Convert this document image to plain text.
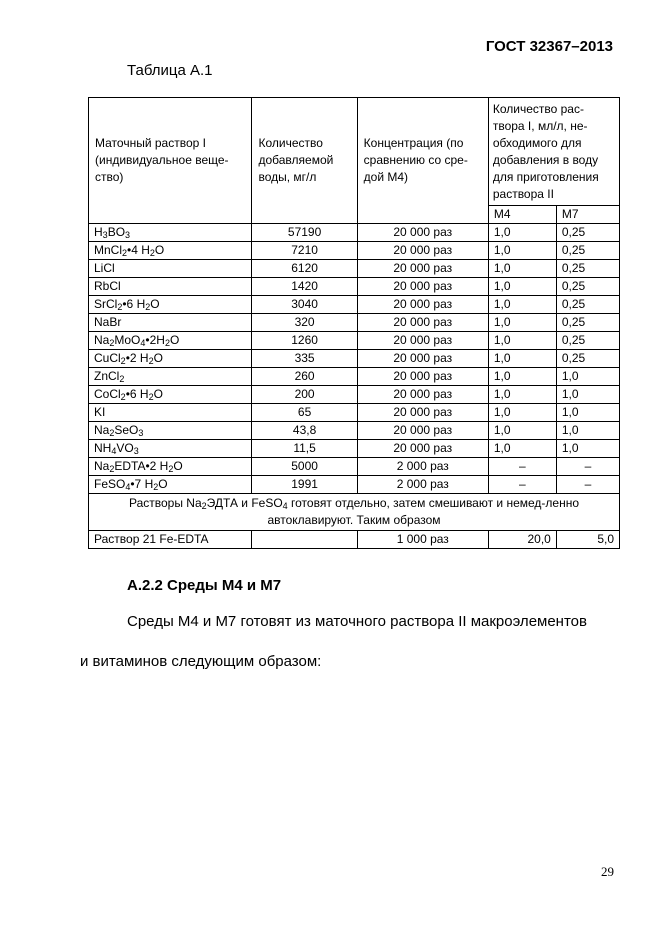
ГОСТ 32367–2013
Таблица А.1
Маточный раствор I (индивидуальное веще-ство)	Количество добавляемой воды, мг/л	Концентрация (по сравнению со сре-дой М4)	Количество рас-твора I, мл/л, не-обходимого для добавления в воду для приготовления раствора II	
			М4	М7
$H_3BO_3$	57190	20 000 раз	1,0	0,25
MnCl$_2$•4 $H_2O$	7210	20 000 раз	1,0	0,25
LiCl	6120	20 000 раз	1,0	0,25
RbCl	1420	20 000 раз	1,0	0,25
SrCl$_2$•6 $H_2O$	3040	20 000 раз	1,0	0,25
NaBr	320	20 000 раз	1,0	0,25
$Na_2MoO_4•2H_2O$	1260	20 000 раз	1,0	0,25
CuCl$_2$•2 $H_2O$	335	20 000 раз	1,0	0,25
ZnCl$_2$	260	20 000 раз	1,0	1,0
CoCl$_2$•6 $H_2O$	200	20 000 раз	1,0	1,0
KI	65	20 000 раз	1,0	1,0
$Na_2SeO_3$	43,8	20 000 раз	1,0	1,0
$NH_4VO_3$	11,5	20 000 раз	1,0	1,0
$Na_2EDTA•2$ $H_2O$	5000	2 000 раз	–	–
FeSO$_4$•7 $H_2O$	1991	2 000 раз	–	–
Растворы $Na_2ЭДТА$ и FeSO$_4$ готовят отдельно, затем смешивают и немед-ленно автоклавируют. Таким образом				
Раствор 21 Fe-EDTA		1 000 раз	20,0	5,0
А.2.2 Среды М4 и М7
Среды М4 и М7 готовят из маточного раствора II макроэлементов
и витаминов следующим образом:
29
